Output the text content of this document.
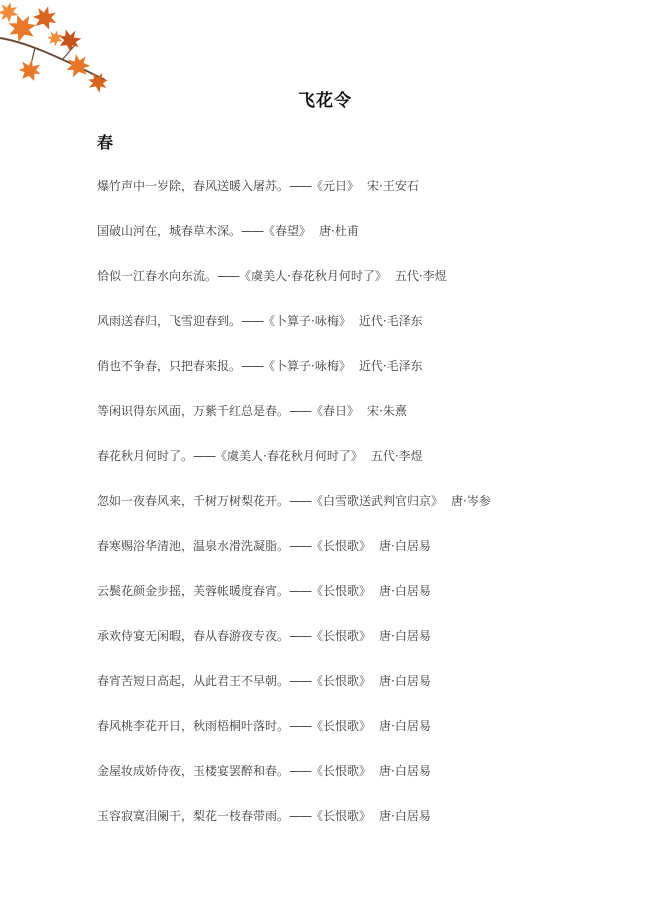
飞花令
春
爆竹声中一岁除，春风送暖入屠苏。——《元日》 宋·王安石
国破山河在，城春草木深。——《春望》 唐·杜甫
恰似一江春水向东流。——《虞美人·春花秋月何时了》 五代·李煜
风雨送春归，飞雪迎春到。——《卜算子·咏梅》 近代·毛泽东
俏也不争春，只把春来报。——《卜算子·咏梅》 近代·毛泽东
等闲识得东风面，万紫千红总是春。——《春日》 宋·朱熹
春花秋月何时了。——《虞美人·春花秋月何时了》 五代·李煜
忽如一夜春风来，千树万树梨花开。——《白雪歌送武判官归京》 唐·岑参
春寒赐浴华清池，温泉水滑洗凝脂。——《长恨歌》 唐·白居易
云鬓花颜金步摇，芙蓉帐暖度春宵。——《长恨歌》 唐·白居易
承欢侍宴无闲暇，春从春游夜专夜。——《长恨歌》 唐·白居易
春宵苦短日高起，从此君王不早朝。——《长恨歌》 唐·白居易
春风桃李花开日，秋雨梧桐叶落时。——《长恨歌》 唐·白居易
金屋妆成娇侍夜，玉楼宴罢醉和春。——《长恨歌》 唐·白居易
玉容寂寞泪阑干，梨花一枝春带雨。——《长恨歌》 唐·白居易
